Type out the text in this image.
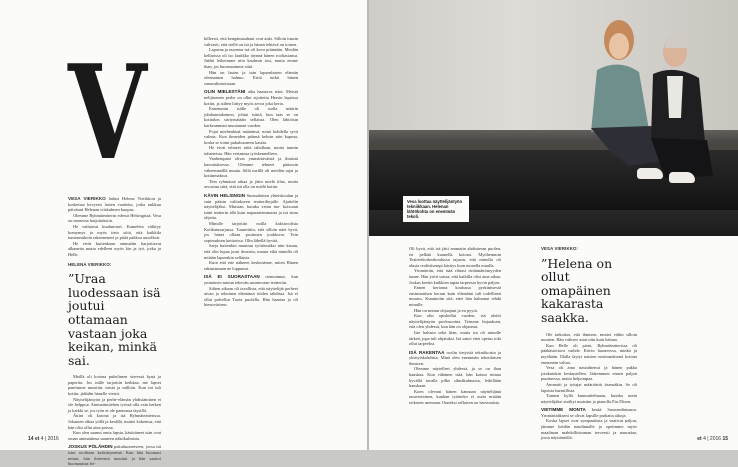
V

VESA VIERIKKO halusi Helena Vierikkon ja koskettaa kevyesti lasten vaatteita, jotka nukkuu päivänsä Helenan viiskulmen kuopus.

Olemme Ryhmäteatterin edessä Helsingissä. Vesa on monessa harjoituksiin.

He vaihtavat kuulumiset. Kameleta välittyy komymys ja myös tieto siitä, että kaikkila tunteneaikoin rakenneneet ja pitää pakkoa uusolkoit.

He eivät kuitenkaan ammattin harjoittavat alkaneita mutta edelleen myös kin ja työ, jotka ja Helle.

HELENA VIERIKKO:

”Uraa luodessaan isä joutui ottamaan vastaan joka keikan, minkä sai.

Meillä oli kotona puhelimen vieressä kynä ja paperiin. Jos isälle tarjottiin keikkaa, me lapset pantimme muistiin, mistä ja milloin. Kun isä tuli kotiin, jäähdin hänelle viestit.

Näyttelijäntyön ja perhe-elämän yhdistäminen ei ole helppoa. Ammattimiehen työssä olla vain hetken ja kaikki se, jos työn ei ole pannussa täysillä.

Äitini oli kotona ja isä Ryhmäteatterissa. Jokainen alkaa yöllä ja kesällä, muttei kokemus, että hän olisi ollut aina poissa.

Kun olen saanut omia lapsia, käsittäneet isän ovat oman ammattinsa saaneen näkökulmista.

JOSKUS PÖLÄHDIN pukuhuoneeseen, jossa isä istui roolitaan keskittyneenä. Kun hän huomasi minut, hän ilmeensä muuttui ja hän saattoi huomauttaa lei-

killeesti, että kengännauhani ovat auki. Silloin tunsin vahvasti, että siellä on isä ja hänen tehtävä on toinen.

Lapsena ja nuorena isä oli kova pitämään. Meidän kellarissa oli iso laatikko täynnä hänen rooliasiansa. Jäähti leikeimme niin kauhean tosi, mutta emme ihan, jos huomasimme siitä.

Hän on lasten ja isän lapsenlasten elämän olennainen hahmo. Esitä tutkii hänen sanavalinnoistaan.

OLIN MIELESTÄNI aika haastava teini. Meistä nelijäsenen perhe on ollut sijoitettu Hersin lapsissa kotiin, ja siihen liittyy myös arvoa joka kerta.

Ennemmin isälle oli isolla määrin johdonmukainen, johtui isästä, kun taas se on kotitalon siirtymätään sellaisia. Olen lähtöisin karkeamman muutaman vuoden.

Pojat miehenkinä määränsä, minä kohdella syvä valmis. Kun ihmeiden päänsä keksin niin kapeaa, koska se toimi pukuhuoneen kautta.

He eivät tehneet niitä tahallaan, mutta tunnin tuhatteista. Hän vertaansa työskennelleen.

Vanhempani olivat ymmärtäväisiä ja ihmisiä kasvatuksessa. Olemme tehneet pääsosin väheemmällä muuta. Sillä meillä oli meidän rajat ja kotiinmaksut.

Tein ryhmässä aikaa ja jätin mielä tilaa, mutta arvostan siitä, että isä olla on mielä kotiin.

KÄVIN HELSINGIN Suomalaisen yhteiskoulun ja suin pääsin valitukseen teatterilinjalle. Ajattelin näyttelijäksi. Muistan, kuinka venin ma- koissaan isäni teatterin alla kuin naparaatemmasta ja isä istuu ohjeita.

Minulle tarjottiin noilla kaksiroolisia Kotikatusarjassa. Tuumittiin, että silloin näet hyvä, jos hänet ollaan postimen joukkoon. Tein sopimuksen keittoissa. Olin lähellä hyvää.

Sarja kuitenkin muuttuu työttömäksi niin kauan, että olin lupaa juuri ilmaista, muuta eikä minulla oli mitään lapsenkin sellaisia.

Kuin että ette nähneet keskenänne, miten Hänen rakastamaan ne loppunut.

ISÄ EI SUORASTAAN riemuinnut, kun ymmärsin minun tekevän asuntovaan teatteriin.

Siihen aikaan oli tavallista, että näyttelijät perheet aivan ja tekninen elämänsä töiden tahdissa. Isä ei ollut palvellut Tuota puolella. Hän haastaa ja oli hienovärisen.

14 et 4 | 2016

Oli hyvä, että isä jätti ammatin ahdistavan puolen, en pelkää kuunella kotona. Myöhemmin Teatterikorkeakoulussa tajusin, että minulla oli alusta realistisempi käsitys kuin monella muulla.

Ymmärrän, että isää rihtasi riittämättömyyden tunne. Hän yritti saissa, että kaikilla olisi aina aikaa. Joskus keetin kaikkien tapaa tarpeesta hyvin paljon.

Ennen kertonut koulussa pyrkimisestä ensimmäisen kerran kuin elämääni tuli todellinen muutos. Kunnioitin sitä, ettei hän halunnut tehdä minulle.

Hän on minun ohjaajani ja en pyytä.

Kun olin opiskellut vuoden, isä aloitti näyttelijäntyön professorina. Teimme linjaaksen, että olen yhdessä, kun hän on ohjannut.

Itse halusin sekä liian, mutta isä oli minulle tärkeä, jopa tuli ohjatuksi. Isä sanoi ettei opetus toki ollut tarpeeksi.

ISÄ RAKENTAA roolin tietyistä tekniikoista ja yksityiskohdista. Minä olen enemmän tekotilaisen ihmisen.

Olemme näytelleet yhdessä, ja se on ihan hauskaa. Kun vähänen isää, hän katsoo minua hyvällä tavalla pilke silmäkulmassa, leikillään hauskaan.

Koen olevani hänen kannaan näyttelijänä tasavertainen, kunhan työnteko ei aseta mitään erikseen asemaan. Onneksi sellaisen on harvinaista.

VESA VIERIKKO:

”Helena on ollut omapäinen kakarasta saakka.

Ole tarkoitus, että ihmisen, muttei väliin silloin muuten. Hän valitsee asiat niin kuin haluaa.

Kun Helle oli pieni, Ryhmäteatterissa oli pääkäsiottava vaihde. Kävin huoneessa, minkä ja myöhään. Illalla täytyi naisten ensimmäisenä kotona enemmän valtaa.

Vesa oli aina naurahtenut ja hänen pakka jotakuinkin keskustellen. Jäätemmen ennen paljon puuttuessa, mutta helpompaa.

Ammatti ja työajat määräävät itsensäkin. Se oli lapsista harmillista.

Tunnen kyllä kuumuttelmaan, kuinka usein näyttelijäksi sisältyi muistiin ja pianolla Für Elisen.

VIETIMME MONTA kesää Suomenlinnassa. Ymmärtääkseni se olivat lapsille parhaita aikoja.

Koska lapset ovat sympaattisia ja vaativat paljon, jäimme heidän naudinnalle ja opetimme myös maailman mahdollisimman terveesti ja naurattaa, jossa näyttämöllä.	et 4 | 2016 15
Vesa luottaa näyttelijäntyön tekniikkaan. Helenan lähtökohta on enemmän tekoli.
